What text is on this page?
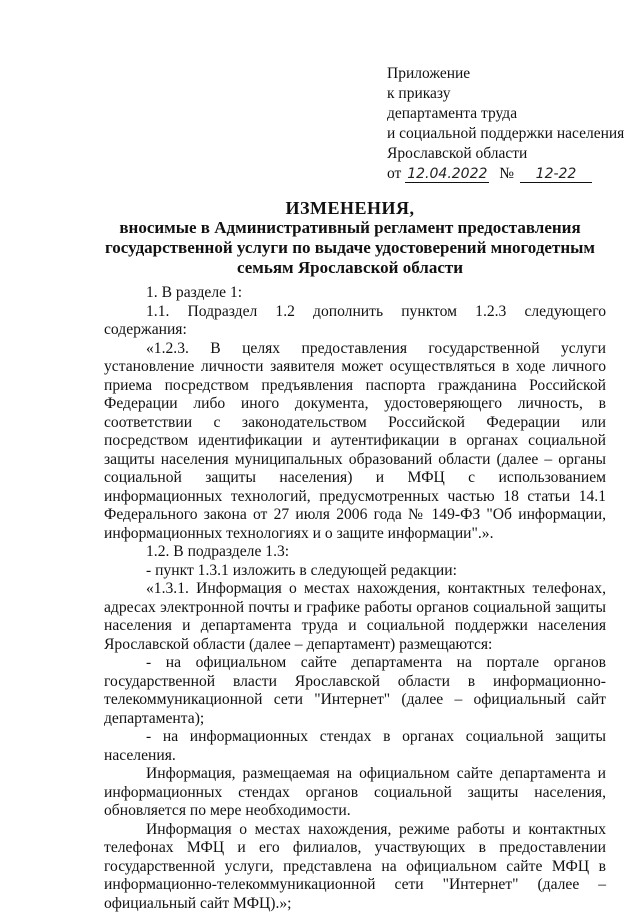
Приложение
к приказу
департамента труда
и социальной поддержки населения
Ярославской области
от 12.04.2022 № 12-22
ИЗМЕНЕНИЯ,
вносимые в Административный регламент предоставления государственной услуги по выдаче удостоверений многодетным семьям Ярославской области

1. В разделе 1:

1.1. Подраздел 1.2 дополнить пунктом 1.2.3 следующего содержания:

«1.2.3. В целях предоставления государственной услуги установление личности заявителя может осуществляться в ходе личного приема посредством предъявления паспорта гражданина Российской Федерации либо иного документа, удостоверяющего личность, в соответствии с законодательством Российской Федерации или посредством идентификации и аутентификации в органах социальной защиты населения муниципальных образований области (далее – органы социальной защиты населения) и МФЦ с использованием информационных технологий, предусмотренных частью 18 статьи 14.1 Федерального закона от 27 июля 2006 года № 149-ФЗ "Об информации, информационных технологиях и о защите информации".».

1.2. В подразделе 1.3:

- пункт 1.3.1 изложить в следующей редакции:

«1.3.1. Информация о местах нахождения, контактных телефонах, адресах электронной почты и графике работы органов социальной защиты населения и департамента труда и социальной поддержки населения Ярославской области (далее – департамент) размещаются:

- на официальном сайте департамента на портале органов государственной власти Ярославской области в информационно-телекоммуникационной сети "Интернет" (далее – официальный сайт департамента);

- на информационных стендах в органах социальной защиты населения.

Информация, размещаемая на официальном сайте департамента и информационных стендах органов социальной защиты населения, обновляется по мере необходимости.

Информация о местах нахождения, режиме работы и контактных телефонах МФЦ и его филиалов, участвующих в предоставлении государственной услуги, представлена на официальном сайте МФЦ в информационно-телекоммуникационной сети "Интернет" (далее – официальный сайт МФЦ).»;
